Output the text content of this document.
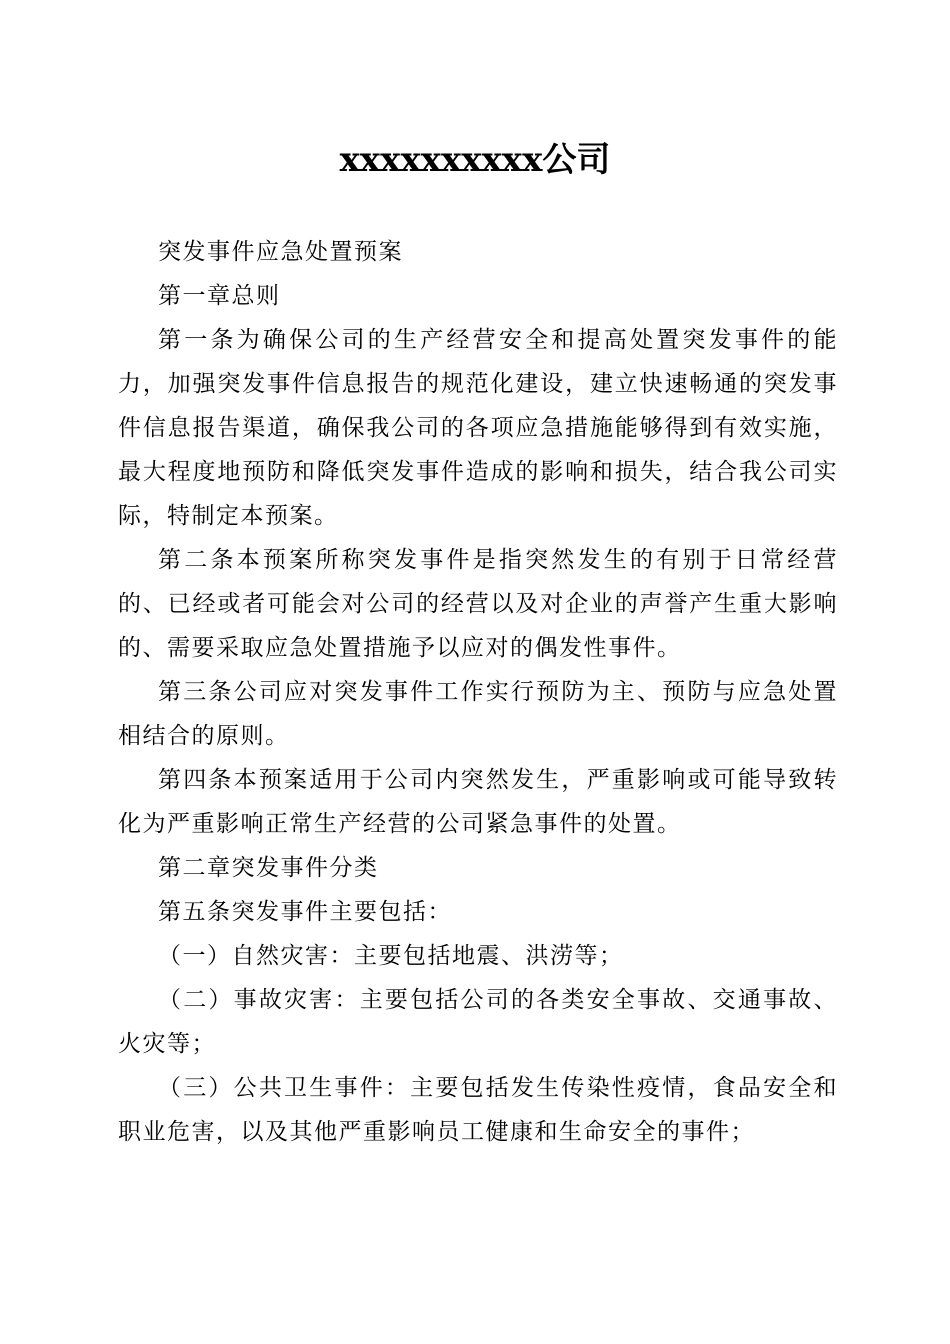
xxxxxxxxxx公司

突发事件应急处置预案

第一章总则

第一条为确保公司的生产经营安全和提高处置突发事件的能力，加强突发事件信息报告的规范化建设，建立快速畅通的突发事件信息报告渠道，确保我公司的各项应急措施能够得到有效实施，最大程度地预防和降低突发事件造成的影响和损失，结合我公司实际，特制定本预案。

第二条本预案所称突发事件是指突然发生的有别于日常经营的、已经或者可能会对公司的经营以及对企业的声誉产生重大影响的、需要采取应急处置措施予以应对的偶发性事件。

第三条公司应对突发事件工作实行预防为主、预防与应急处置相结合的原则。

第四条本预案适用于公司内突然发生，严重影响或可能导致转化为严重影响正常生产经营的公司紧急事件的处置。

第二章突发事件分类

第五条突发事件主要包括：

（一）自然灾害：主要包括地震、洪涝等；

（二）事故灾害：主要包括公司的各类安全事故、交通事故、火灾等；

（三）公共卫生事件：主要包括发生传染性疫情，食品安全和职业危害，以及其他严重影响员工健康和生命安全的事件；
